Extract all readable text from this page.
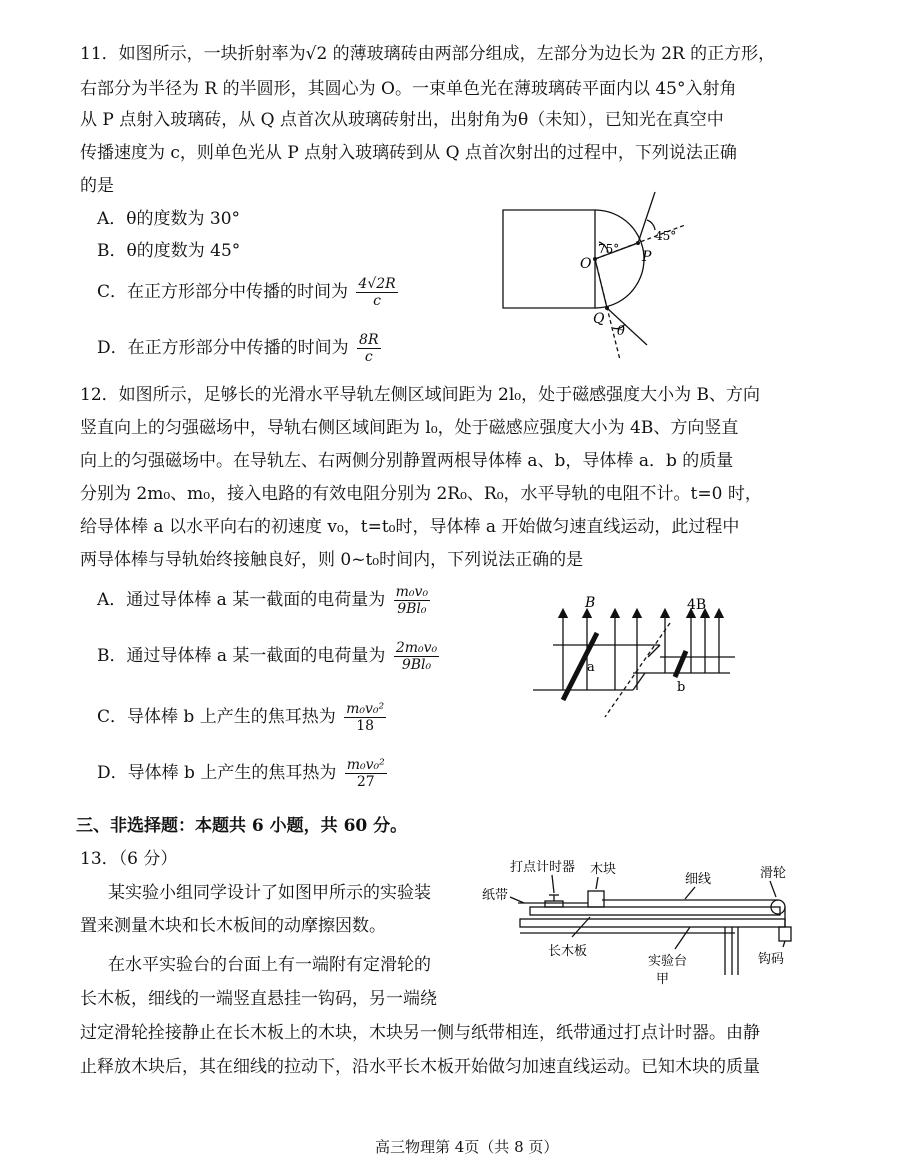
11．如图所示，一块折射率为√2 的薄玻璃砖由两部分组成，左部分为边长为 2R 的正方形，
右部分为半径为 R 的半圆形，其圆心为 O。一束单色光在薄玻璃砖平面内以 45°入射角
从 P 点射入玻璃砖，从 Q 点首次从玻璃砖射出，出射角为θ（未知），已知光在真空中
传播速度为 c，则单色光从 P 点射入玻璃砖到从 Q 点首次射出的过程中，下列说法正确
的是
A．θ的度数为 30°
B．θ的度数为 45°
C．在正方形部分中传播的时间为 $\frac{4√2R}{c}$
D．在正方形部分中传播的时间为 $\frac{8R}{c}$
75°
45°
O	P
Q
θ
12．如图所示，足够长的光滑水平导轨左侧区域间距为 2l₀，处于磁感强度大小为 B、方向
竖直向上的匀强磁场中，导轨右侧区域间距为 l₀，处于磁感应强度大小为 4B、方向竖直
向上的匀强磁场中。在导轨左、右两侧分别静置两根导体棒 a、b，导体棒 a．b 的质量
分别为 2m₀、m₀，接入电路的有效电阻分别为 2R₀、R₀，水平导轨的电阻不计。t=0 时，
给导体棒 a 以水平向右的初速度 v₀，t=t₀时，导体棒 a 开始做匀速直线运动，此过程中
两导体棒与导轨始终接触良好，则 0~t₀时间内，下列说法正确的是
A．通过导体棒 a 某一截面的电荷量为 $\frac{\text{m₀v₀}}{\text{9Bl₀}}$
B．通过导体棒 a 某一截面的电荷量为 $\frac{\text{2m₀v₀}}{\text{9Bl₀}}$
C．导体棒 b 上产生的焦耳热为 $\frac{\text{m₀v₀²}}{18}$
D．导体棒 b 上产生的焦耳热为 $\frac{\text{m₀v₀²}}{27}$
B	4B
a
b
三、非选择题：本题共 6 小题，共 60 分。
13．（6 分）
某实验小组同学设计了如图甲所示的实验装
置来测量木块和长木板间的动摩擦因数。
在水平实验台的台面上有一端附有定滑轮的
长木板，细线的一端竖直悬挂一钩码，另一端绕
过定滑轮拴接静止在长木板上的木块，木块另一侧与纸带相连，纸带通过打点计时器。由静
止释放木块后，其在细线的拉动下，沿水平长木板开始做匀加速直线运动。已知木块的质量
打点计时器 木块
细线	滑轮
纸带
长木板
实验台
甲
钩码
高三物理第 4页（共 8 页）
